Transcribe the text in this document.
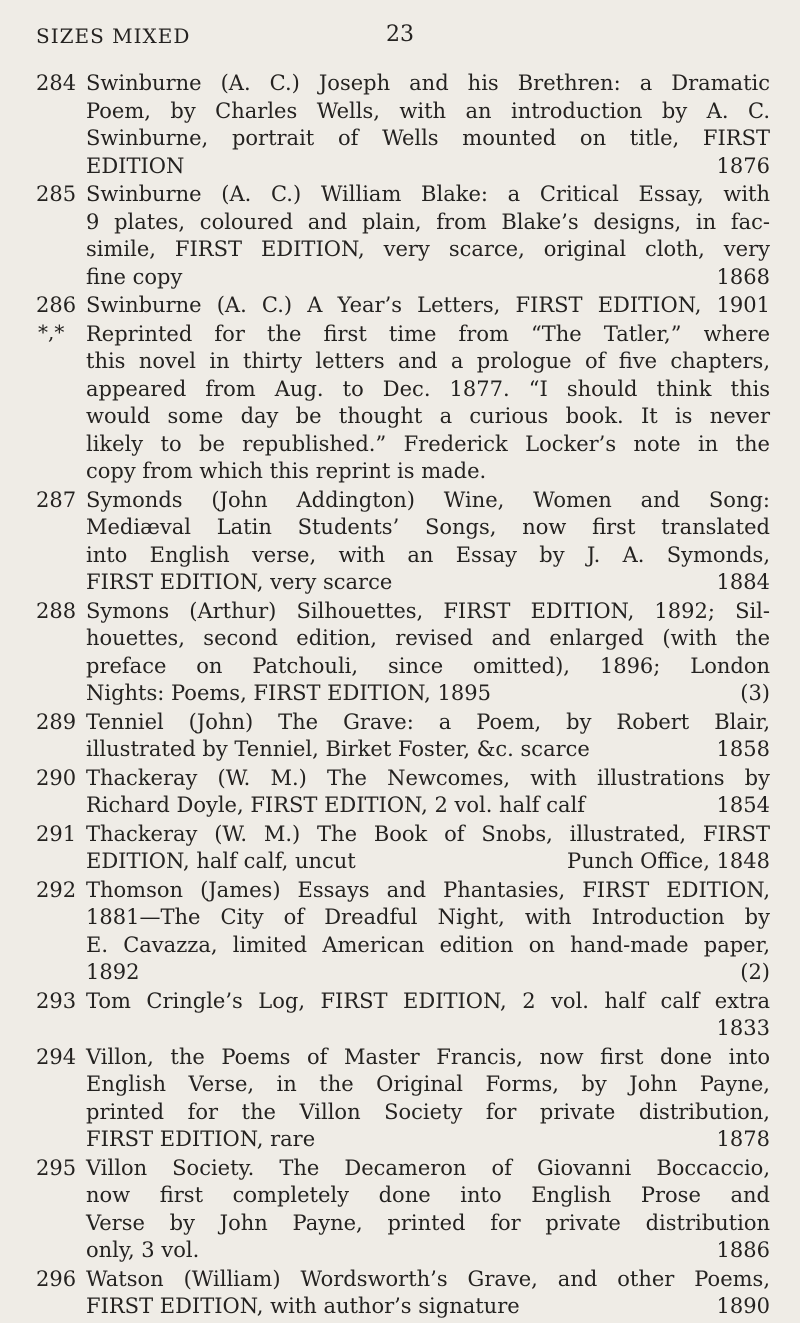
SIZES MIXED	23
284 Swinburne (A. C.) Joseph and his Brethren: a Dramatic
Poem, by Charles Wells, with an introduction by A. C.
Swinburne, portrait of Wells mounted on title, FIRST
EDITION	1876
285 Swinburne (A. C.) William Blake: a Critical Essay, with
9 plates, coloured and plain, from Blake’s designs, in fac-
simile, FIRST EDITION, very scarce, original cloth, very
fine copy	1868
286 Swinburne (A. C.) A Year’s Letters, FIRST EDITION, 1901
*,* Reprinted for the first time from “The Tatler,” where
this novel in thirty letters and a prologue of five chapters,
appeared from Aug. to Dec. 1877. “I should think this
would some day be thought a curious book. It is never
likely to be republished.” Frederick Locker’s note in the
copy from which this reprint is made.
287 Symonds (John Addington) Wine, Women and Song:
Mediæval Latin Students’ Songs, now first translated
into English verse, with an Essay by J. A. Symonds,
FIRST EDITION, very scarce	1884
288 Symons (Arthur) Silhouettes, FIRST EDITION, 1892; Sil-
houettes, second edition, revised and enlarged (with the
preface on Patchouli, since omitted), 1896; London
Nights: Poems, FIRST EDITION, 1895	(3)
289 Tenniel (John) The Grave: a Poem, by Robert Blair,
illustrated by Tenniel, Birket Foster, &c. scarce	1858
290 Thackeray (W. M.) The Newcomes, with illustrations by
Richard Doyle, FIRST EDITION, 2 vol. half calf	1854
291 Thackeray (W. M.) The Book of Snobs, illustrated, FIRST
EDITION, half calf, uncut	Punch Office, 1848
292 Thomson (James) Essays and Phantasies, FIRST EDITION,
1881—The City of Dreadful Night, with Introduction by
E. Cavazza, limited American edition on hand-made paper,
1892	(2)
293 Tom Cringle’s Log, FIRST EDITION, 2 vol. half calf extra
1833
294 Villon, the Poems of Master Francis, now first done into
English Verse, in the Original Forms, by John Payne,
printed for the Villon Society for private distribution,
FIRST EDITION, rare	1878
295 Villon Society. The Decameron of Giovanni Boccaccio,
now first completely done into English Prose and
Verse by John Payne, printed for private distribution
only, 3 vol.	1886
296 Watson (William) Wordsworth’s Grave, and other Poems,
FIRST EDITION, with author’s signature	1890
